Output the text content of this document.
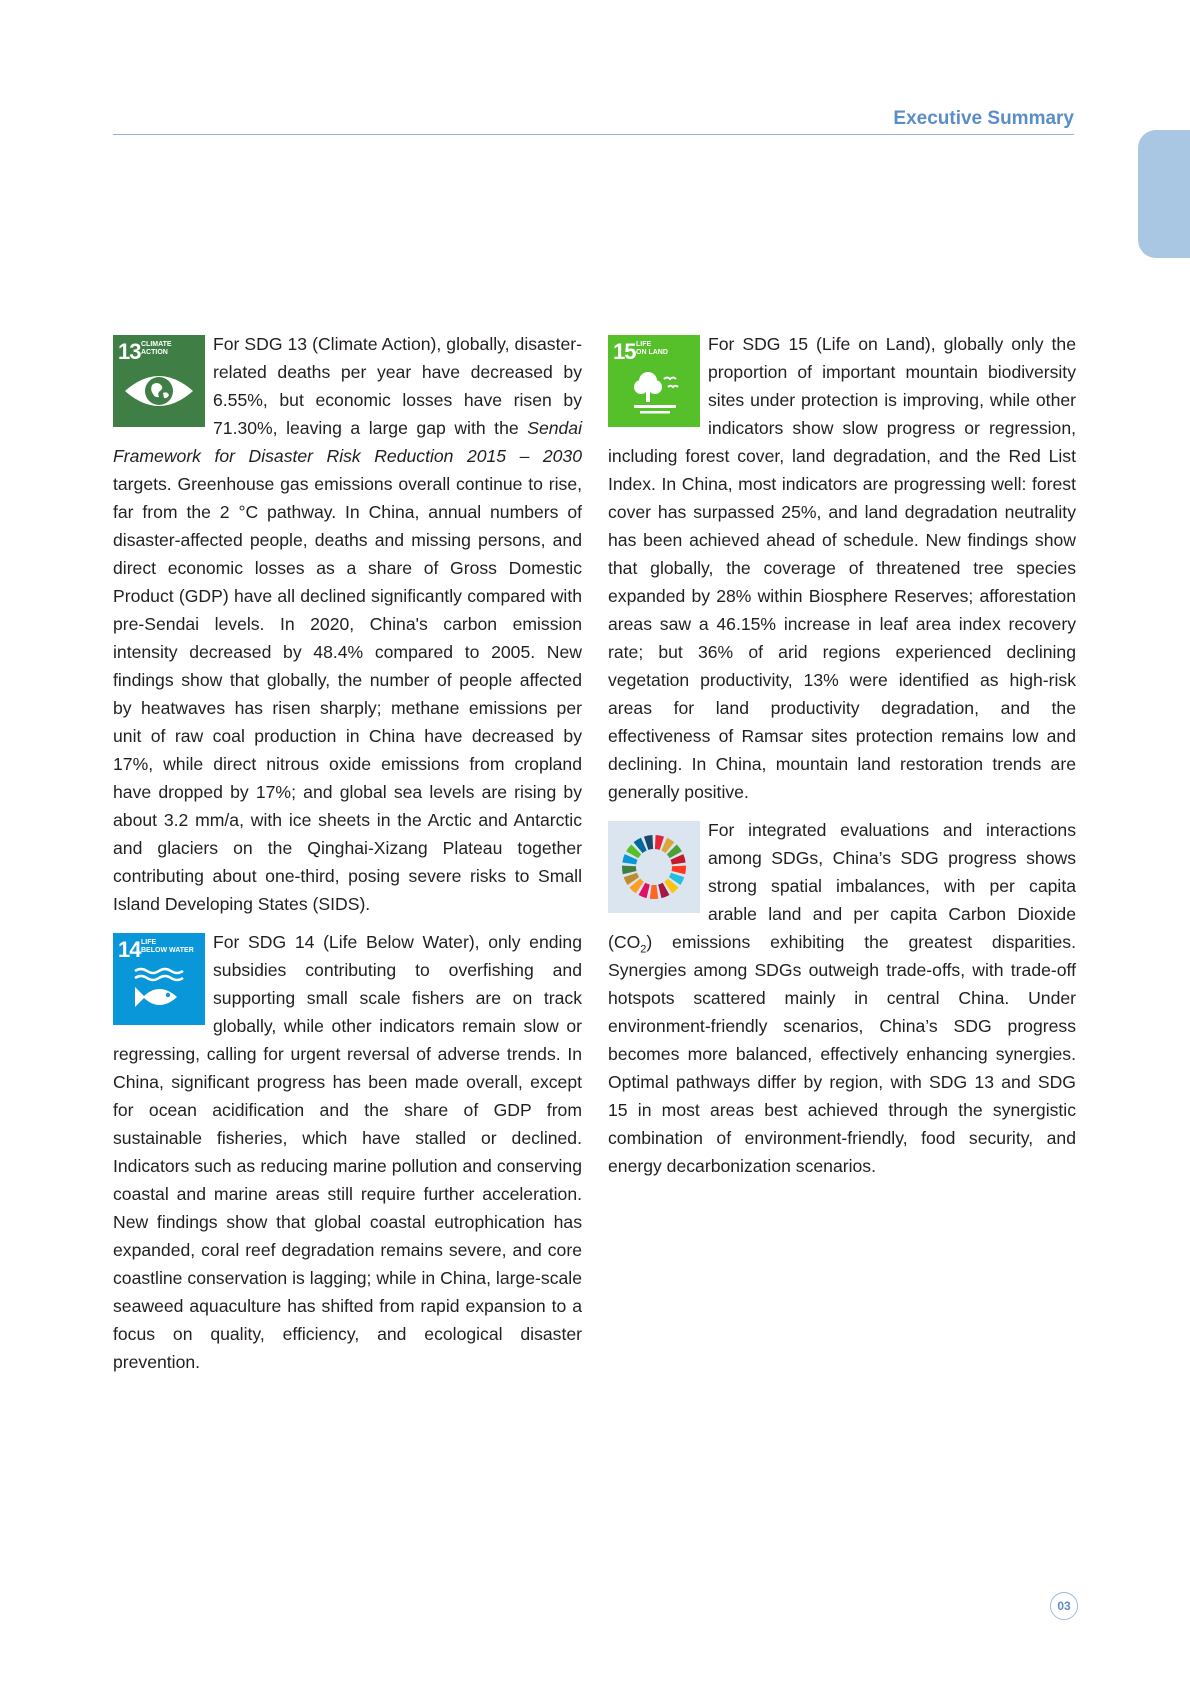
Executive Summary

13 CLIMATE
ACTION	For SDG 13 (Climate Action), globally, disaster-related deaths per year have decreased by 6.55%, but economic losses have risen by 71.30%, leaving a large gap with the Sendai Framework for Disaster Risk Reduction 2015 – 2030 targets. Greenhouse gas emissions overall continue to rise, far from the 2 °C pathway. In China, annual numbers of disaster-affected people, deaths and missing persons, and direct economic losses as a share of Gross Domestic Product (GDP) have all declined significantly compared with pre-Sendai levels. In 2020, China's carbon emission intensity decreased by 48.4% compared to 2005. New findings show that globally, the number of people affected by heatwaves has risen sharply; methane emissions per unit of raw coal production in China have decreased by 17%, while direct nitrous oxide emissions from cropland have dropped by 17%; and global sea levels are rising by about 3.2 mm/a, with ice sheets in the Arctic and Antarctic and glaciers on the Qinghai-Xizang Plateau together contributing about one-third, posing severe risks to Small Island Developing States (SIDS).

14 LIFE
BELOW WATER For SDG 14 (Life Below Water), only ending subsidies contributing to overfishing and supporting small scale fishers are on track globally, while other indicators remain slow or regressing, calling for urgent reversal of adverse trends. In China, significant progress has been made overall, except for ocean acidification and the share of GDP from sustainable fisheries, which have stalled or declined. Indicators such as reducing marine pollution and conserving coastal and marine areas still require further acceleration. New findings show that global coastal eutrophication has expanded, coral reef degradation remains severe, and core coastline conservation is lagging; while in China, large-scale seaweed aquaculture has shifted from rapid expansion to a focus on quality, efficiency, and ecological disaster prevention.

15 LIFE
ON LAND For SDG 15 (Life on Land), globally only the proportion of important mountain biodiversity sites under protection is improving, while other indicators show slow progress or regression, including forest cover, land degradation, and the Red List Index. In China, most indicators are progressing well: forest cover has surpassed 25%, and land degradation neutrality has been achieved ahead of schedule. New findings show that globally, the coverage of threatened tree species expanded by 28% within Biosphere Reserves; afforestation areas saw a 46.15% increase in leaf area index recovery rate; but 36% of arid regions experienced declining vegetation productivity, 13% were identified as high-risk areas for land productivity degradation, and the effectiveness of Ramsar sites protection remains low and declining. In China, mountain land restoration trends are generally positive.

For integrated evaluations and interactions among SDGs, China’s SDG progress shows strong spatial imbalances, with per capita arable land and per capita Carbon Dioxide $(CO_2)$ emissions exhibiting the greatest disparities. Synergies among SDGs outweigh trade-offs, with trade-off hotspots scattered mainly in central China. Under environment-friendly scenarios, China’s SDG progress becomes more balanced, effectively enhancing synergies. Optimal pathways differ by region, with SDG 13 and SDG 15 in most areas best achieved through the synergistic combination of environment-friendly, food security, and energy decarbonization scenarios.

03
